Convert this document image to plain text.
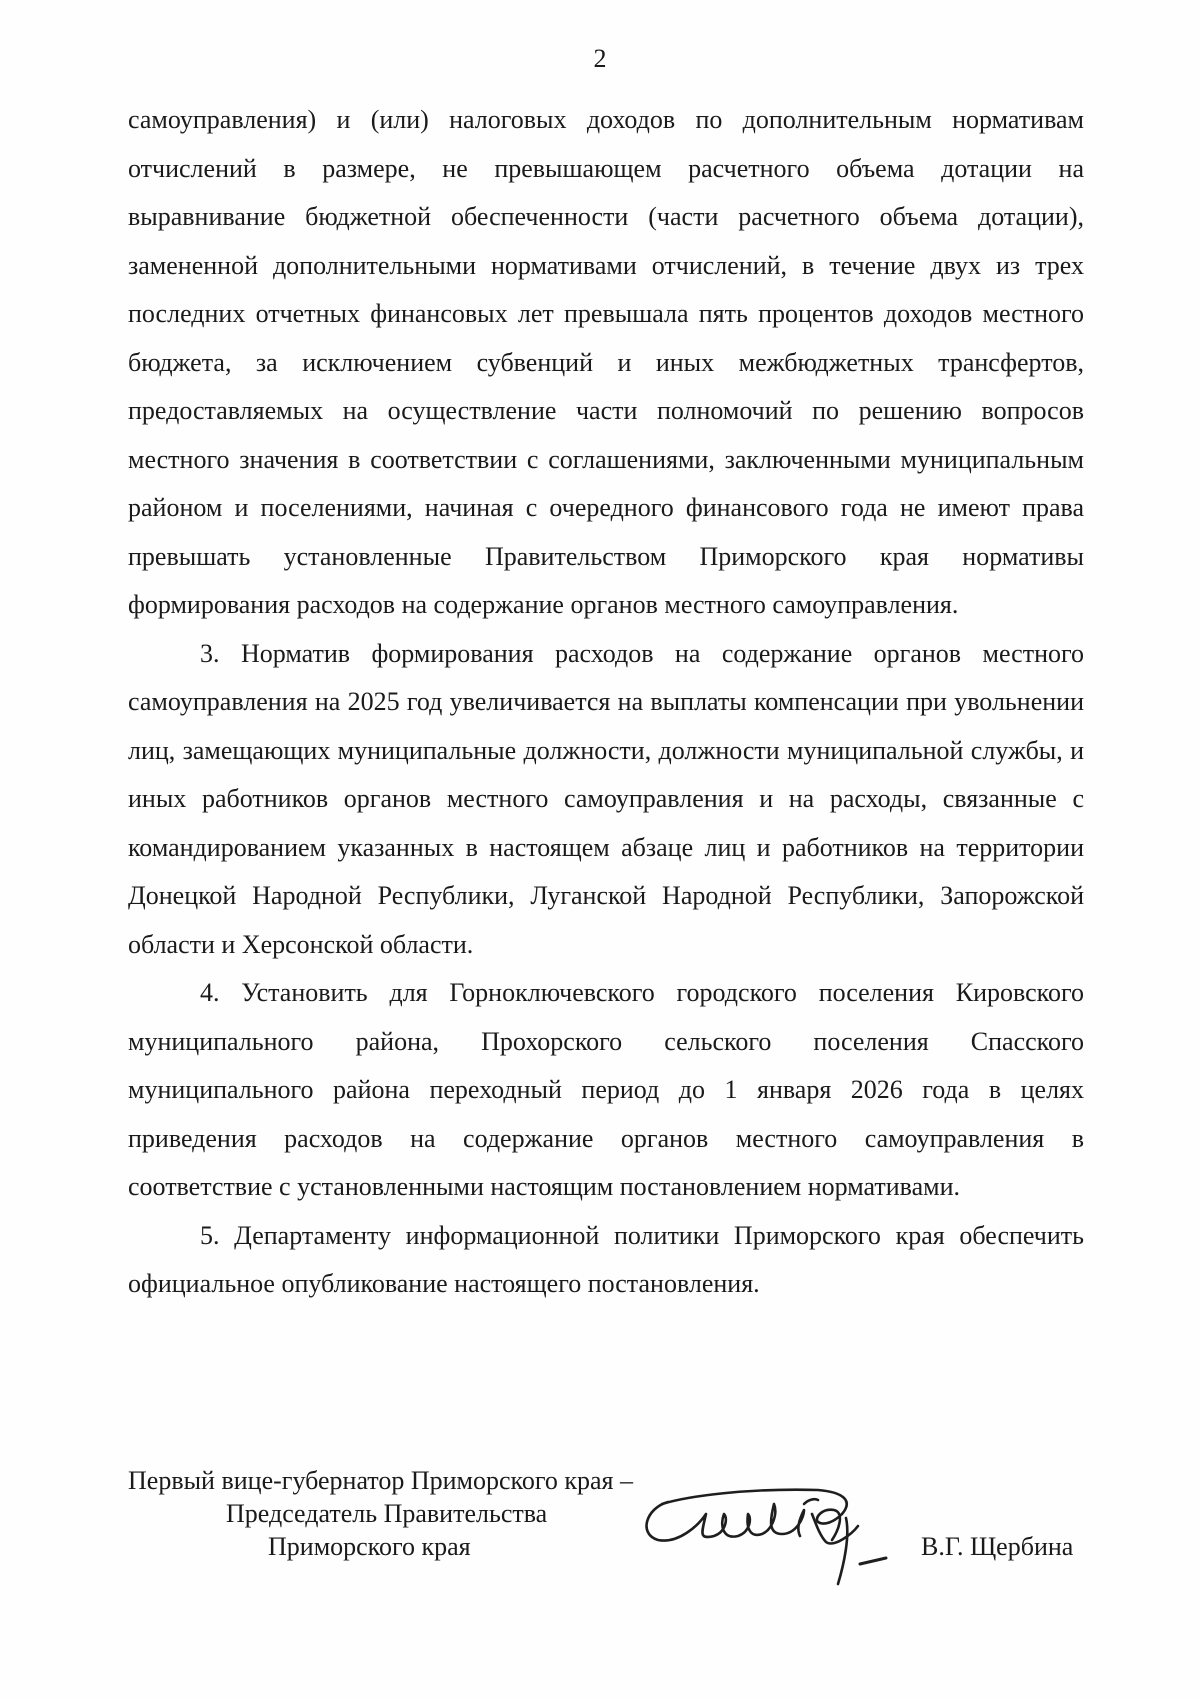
2

самоуправления) и (или) налоговых доходов по дополнительным нормативам отчислений в размере, не превышающем расчетного объема дотации на выравнивание бюджетной обеспеченности (части расчетного объема дотации), замененной дополнительными нормативами отчислений, в течение двух из трех последних отчетных финансовых лет превышала пять процентов доходов местного бюджета, за исключением субвенций и иных межбюджетных трансфертов, предоставляемых на осуществление части полномочий по решению вопросов местного значения в соответствии с соглашениями, заключенными муниципальным районом и поселениями, начиная с очередного финансового года не имеют права превышать установленные Правительством Приморского края нормативы формирования расходов на содержание органов местного самоуправления.

3. Норматив формирования расходов на содержание органов местного самоуправления на 2025 год увеличивается на выплаты компенсации при увольнении лиц, замещающих муниципальные должности, должности муниципальной службы, и иных работников органов местного самоуправления и на расходы, связанные с командированием указанных в настоящем абзаце лиц и работников на территории Донецкой Народной Республики, Луганской Народной Республики, Запорожской области и Херсонской области.

4. Установить для Горноключевского городского поселения Кировского муниципального района, Прохорского сельского поселения Спасского муниципального района переходный период до 1 января 2026 года в целях приведения расходов на содержание органов местного самоуправления в соответствие с установленными настоящим постановлением нормативами.

5. Департаменту информационной политики Приморского края обеспечить официальное опубликование настоящего постановления.

Первый вице-губернатор Приморского края –
Председатель Правительства
Приморского края	В.Г. Щербина
